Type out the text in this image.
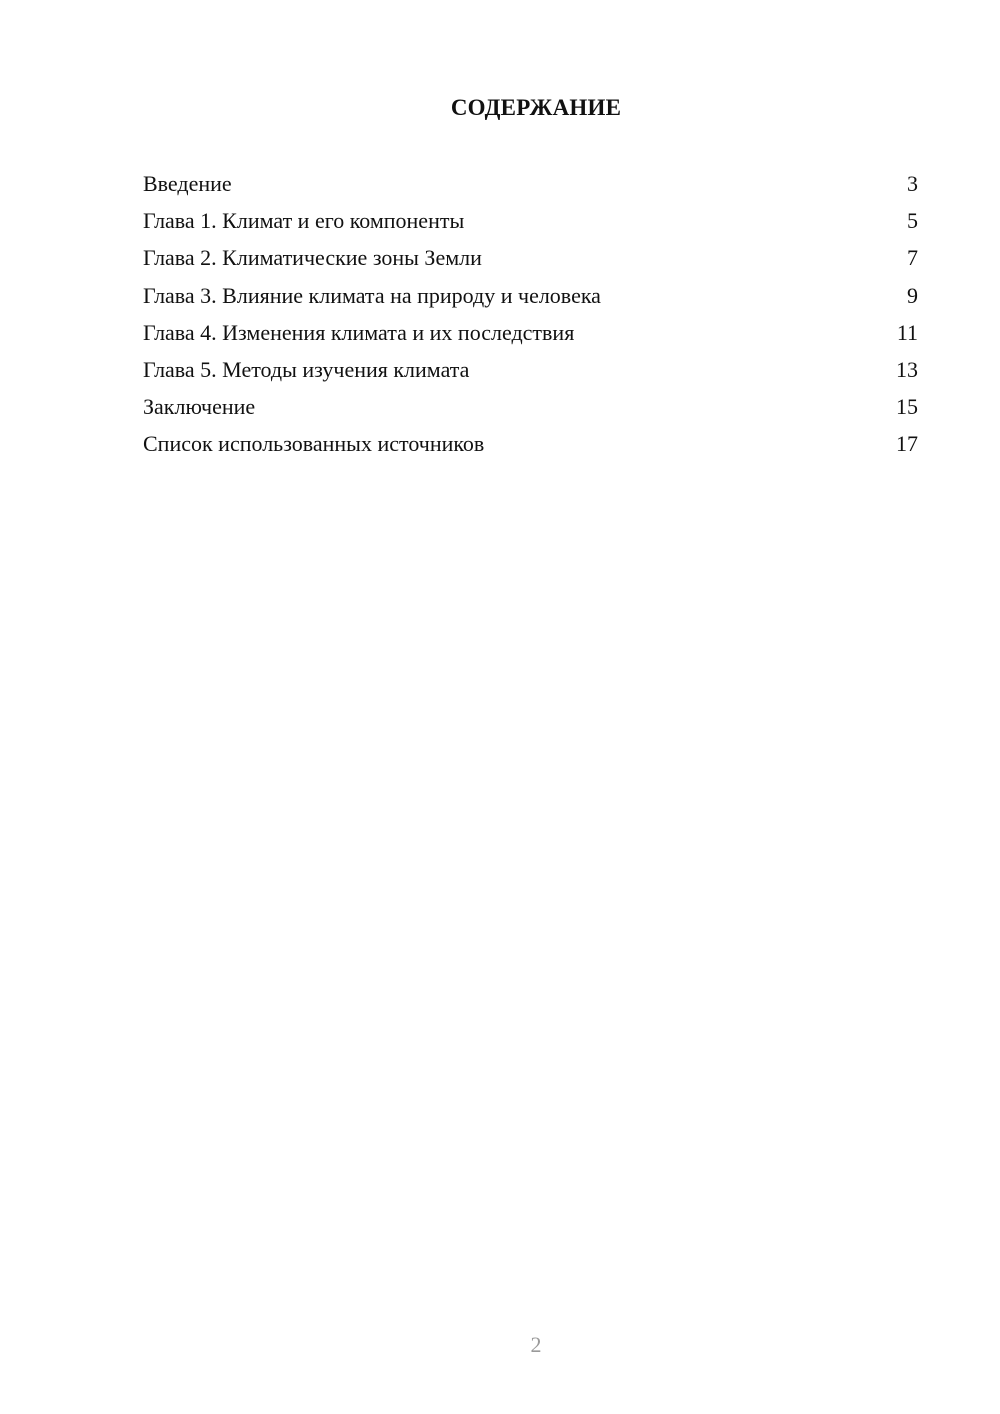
СОДЕРЖАНИЕ
Введение	3
Глава 1. Климат и его компоненты	5
Глава 2. Климатические зоны Земли	7
Глава 3. Влияние климата на природу и человека	9
Глава 4. Изменения климата и их последствия	11
Глава 5. Методы изучения климата	13
Заключение	15
Список использованных источников	17
2
